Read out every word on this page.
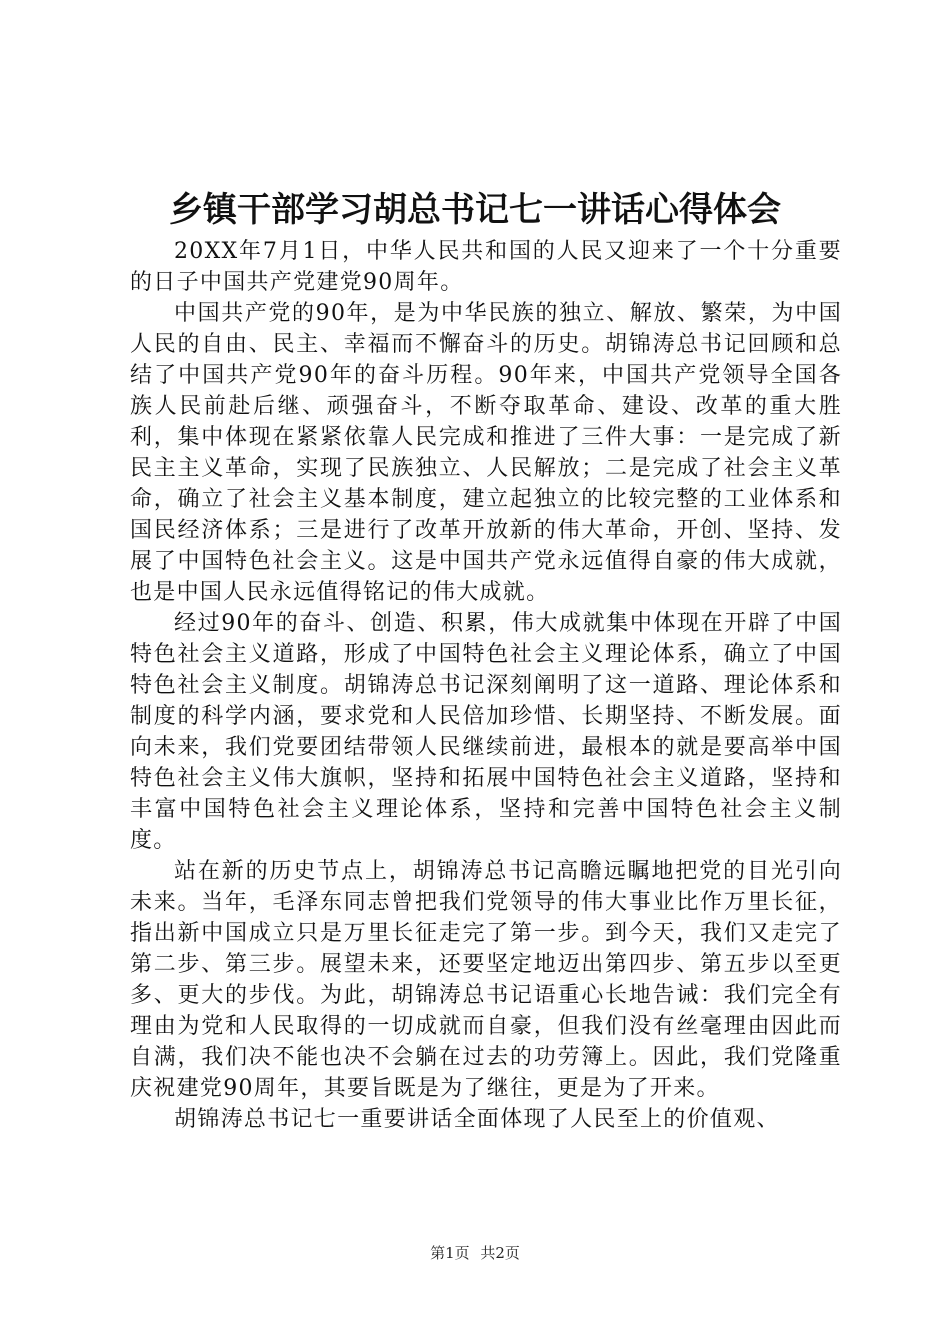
乡镇干部学习胡总书记七一讲话心得体会

20XX年7月1日，中华人民共和国的人民又迎来了一个十分重要的日子中国共产党建党90周年。

中国共产党的90年，是为中华民族的独立、解放、繁荣，为中国人民的自由、民主、幸福而不懈奋斗的历史。胡锦涛总书记回顾和总结了中国共产党90年的奋斗历程。90年来，中国共产党领导全国各族人民前赴后继、顽强奋斗，不断夺取革命、建设、改革的重大胜利，集中体现在紧紧依靠人民完成和推进了三件大事：一是完成了新民主主义革命，实现了民族独立、人民解放；二是完成了社会主义革命，确立了社会主义基本制度，建立起独立的比较完整的工业体系和国民经济体系；三是进行了改革开放新的伟大革命，开创、坚持、发展了中国特色社会主义。这是中国共产党永远值得自豪的伟大成就，也是中国人民永远值得铭记的伟大成就。

经过90年的奋斗、创造、积累，伟大成就集中体现在开辟了中国特色社会主义道路，形成了中国特色社会主义理论体系，确立了中国特色社会主义制度。胡锦涛总书记深刻阐明了这一道路、理论体系和制度的科学内涵，要求党和人民倍加珍惜、长期坚持、不断发展。面向未来，我们党要团结带领人民继续前进，最根本的就是要高举中国特色社会主义伟大旗帜，坚持和拓展中国特色社会主义道路，坚持和丰富中国特色社会主义理论体系，坚持和完善中国特色社会主义制度。

站在新的历史节点上，胡锦涛总书记高瞻远瞩地把党的目光引向未来。当年，毛泽东同志曾把我们党领导的伟大事业比作万里长征，指出新中国成立只是万里长征走完了第一步。到今天，我们又走完了第二步、第三步。展望未来，还要坚定地迈出第四步、第五步以至更多、更大的步伐。为此，胡锦涛总书记语重心长地告诫：我们完全有理由为党和人民取得的一切成就而自豪，但我们没有丝毫理由因此而自满，我们决不能也决不会躺在过去的功劳簿上。因此，我们党隆重庆祝建党90周年，其要旨既是为了继往，更是为了开来。

胡锦涛总书记七一重要讲话全面体现了人民至上的价值观、

第1页 共2页
